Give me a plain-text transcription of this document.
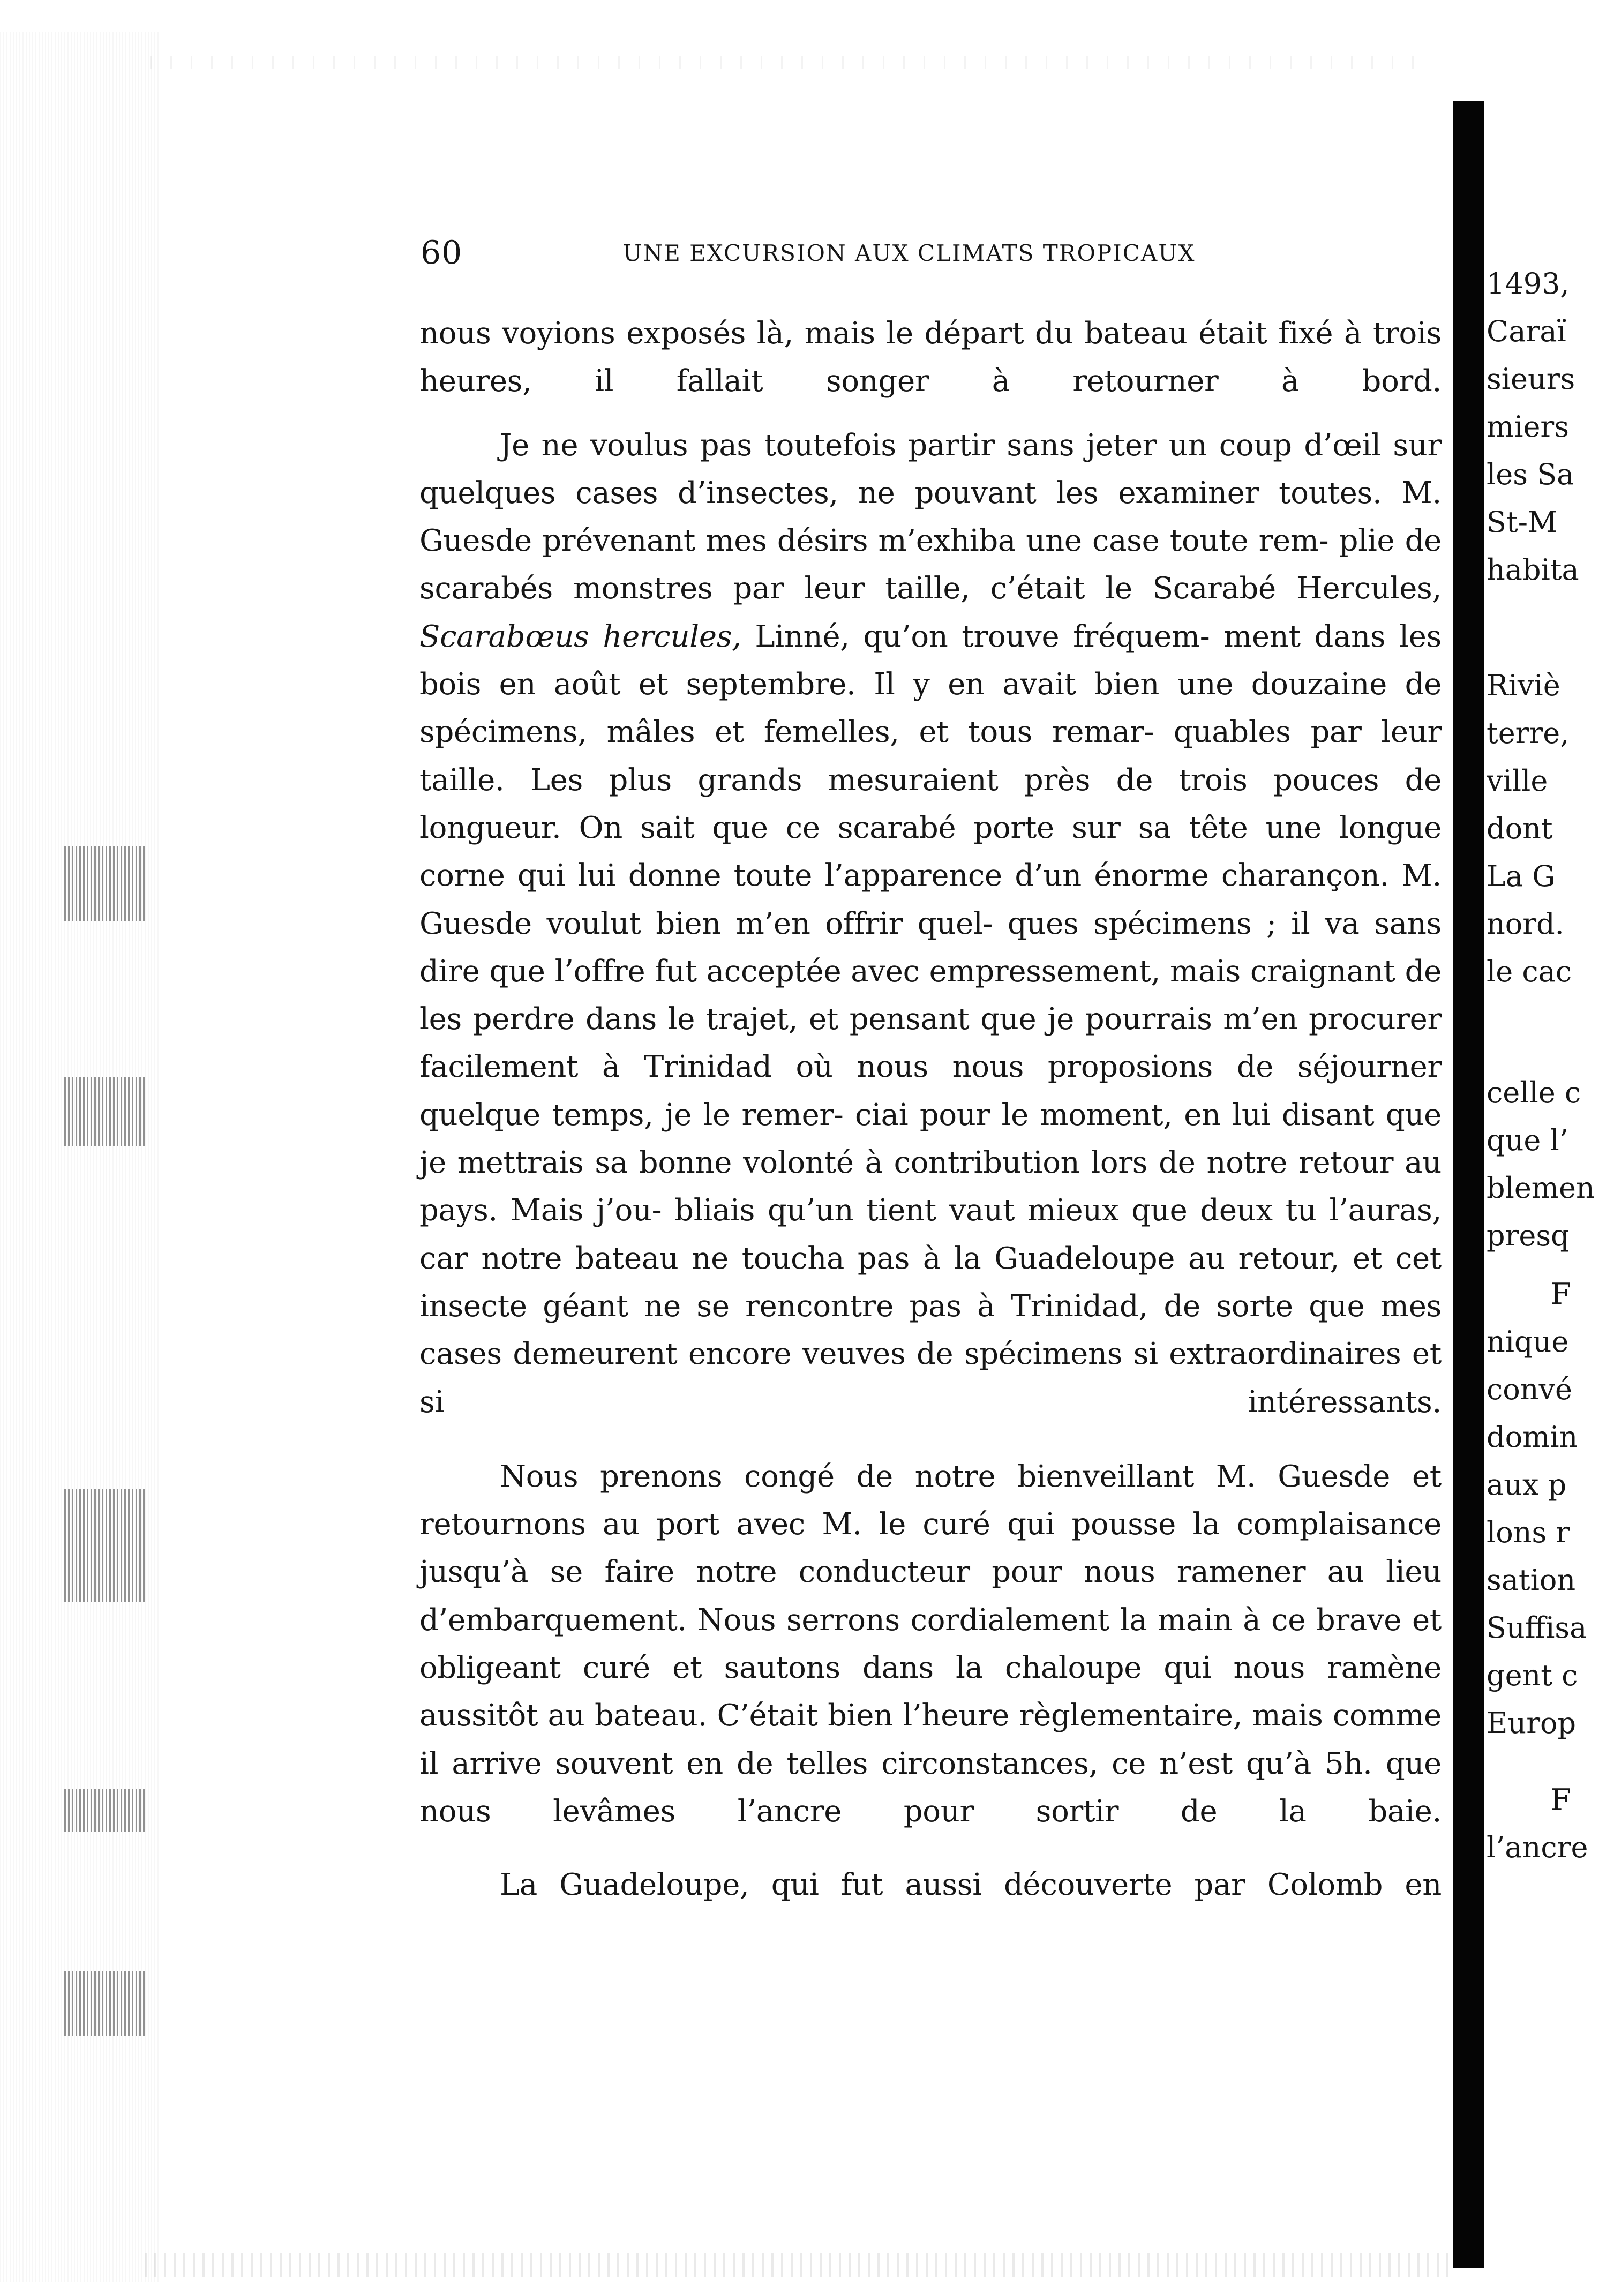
60	UNE EXCURSION AUX CLIMATS TROPICAUX

nous voyions exposés là, mais le départ du bateau était fixé à trois heures, il fallait songer à retourner à bord.

Je ne voulus pas toutefois partir sans jeter un coup d’œil sur quelques cases d’insectes, ne pouvant les examiner toutes. M. Guesde prévenant mes désirs m’exhiba une case toute rem- plie de scarabés monstres par leur taille, c’était le Scarabé Hercules, Scarabœus hercules, Linné, qu’on trouve fréquem- ment dans les bois en août et septembre. Il y en avait bien une douzaine de spécimens, mâles et femelles, et tous remar- quables par leur taille. Les plus grands mesuraient près de trois pouces de longueur. On sait que ce scarabé porte sur sa tête une longue corne qui lui donne toute l’apparence d’un énorme charançon. M. Guesde voulut bien m’en offrir quel- ques spécimens ; il va sans dire que l’offre fut acceptée avec empressement, mais craignant de les perdre dans le trajet, et pensant que je pourrais m’en procurer facilement à Trinidad où nous nous proposions de séjourner quelque temps, je le remer- ciai pour le moment, en lui disant que je mettrais sa bonne volonté à contribution lors de notre retour au pays. Mais j’ou- bliais qu’un tient vaut mieux que deux tu l’auras, car notre bateau ne toucha pas à la Guadeloupe au retour, et cet insecte géant ne se rencontre pas à Trinidad, de sorte que mes cases demeurent encore veuves de spécimens si extraordinaires et si	intéressants.

Nous prenons congé de notre bienveillant M. Guesde et retournons au port avec M. le curé qui pousse la complaisance jusqu’à se faire notre conducteur pour nous ramener au lieu d’embarquement. Nous serrons cordialement la main à ce brave et obligeant curé et sautons dans la chaloupe qui nous ramène aussitôt au bateau. C’était bien l’heure règlementaire, mais comme il arrive souvent en de telles circonstances, ce n’est qu’à 5h. que nous levâmes l’ancre pour sortir de la baie.

La Guadeloupe, qui fut aussi découverte par Colomb en

1493,
Caraï
sieurs
miers
les Sa
St-M
habita
Riviè
terre,
ville
dont
La G
nord.
le cac
celle c
que l’
blemen
presq
F
nique
convé
domin
aux p
lons r
sation
Suffisa
gent c
Europ
F
l’ancre
